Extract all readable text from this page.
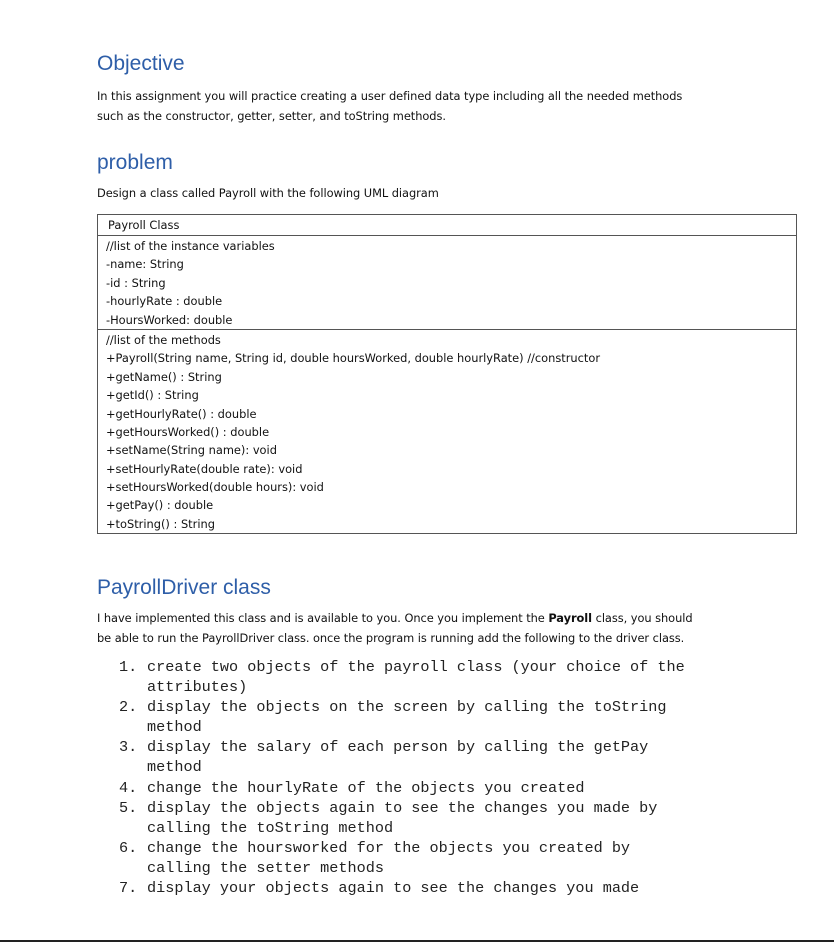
Objective
In this assignment you will practice creating a user defined data type including all the needed methods
such as the constructor, getter, setter, and toString methods.
problem
Design a class called Payroll with the following UML diagram
Payroll Class
//list of the instance variables
-name: String
-id : String
-hourlyRate : double
-HoursWorked: double
//list of the methods
+Payroll(String name, String id, double hoursWorked, double hourlyRate) //constructor
+getName() : String
+getId() : String
+getHourlyRate() : double
+getHoursWorked() : double
+setName(String name): void
+setHourlyRate(double rate): void
+setHoursWorked(double hours): void
+getPay() : double
+toString() : String
PayrollDriver class
I have implemented this class and is available to you. Once you implement the Payroll class, you should
be able to run the PayrollDriver class. once the program is running add the following to the driver class.
1. create two objects of the payroll class (your choice of the
attributes)
2. display the objects on the screen by calling the toString
method
3. display the salary of each person by calling the getPay
method
4. change the hourlyRate of the objects you created
5. display the objects again to see the changes you made by
calling the toString method
6. change the hoursworked for the objects you created by
calling the setter methods
7. display your objects again to see the changes you made
